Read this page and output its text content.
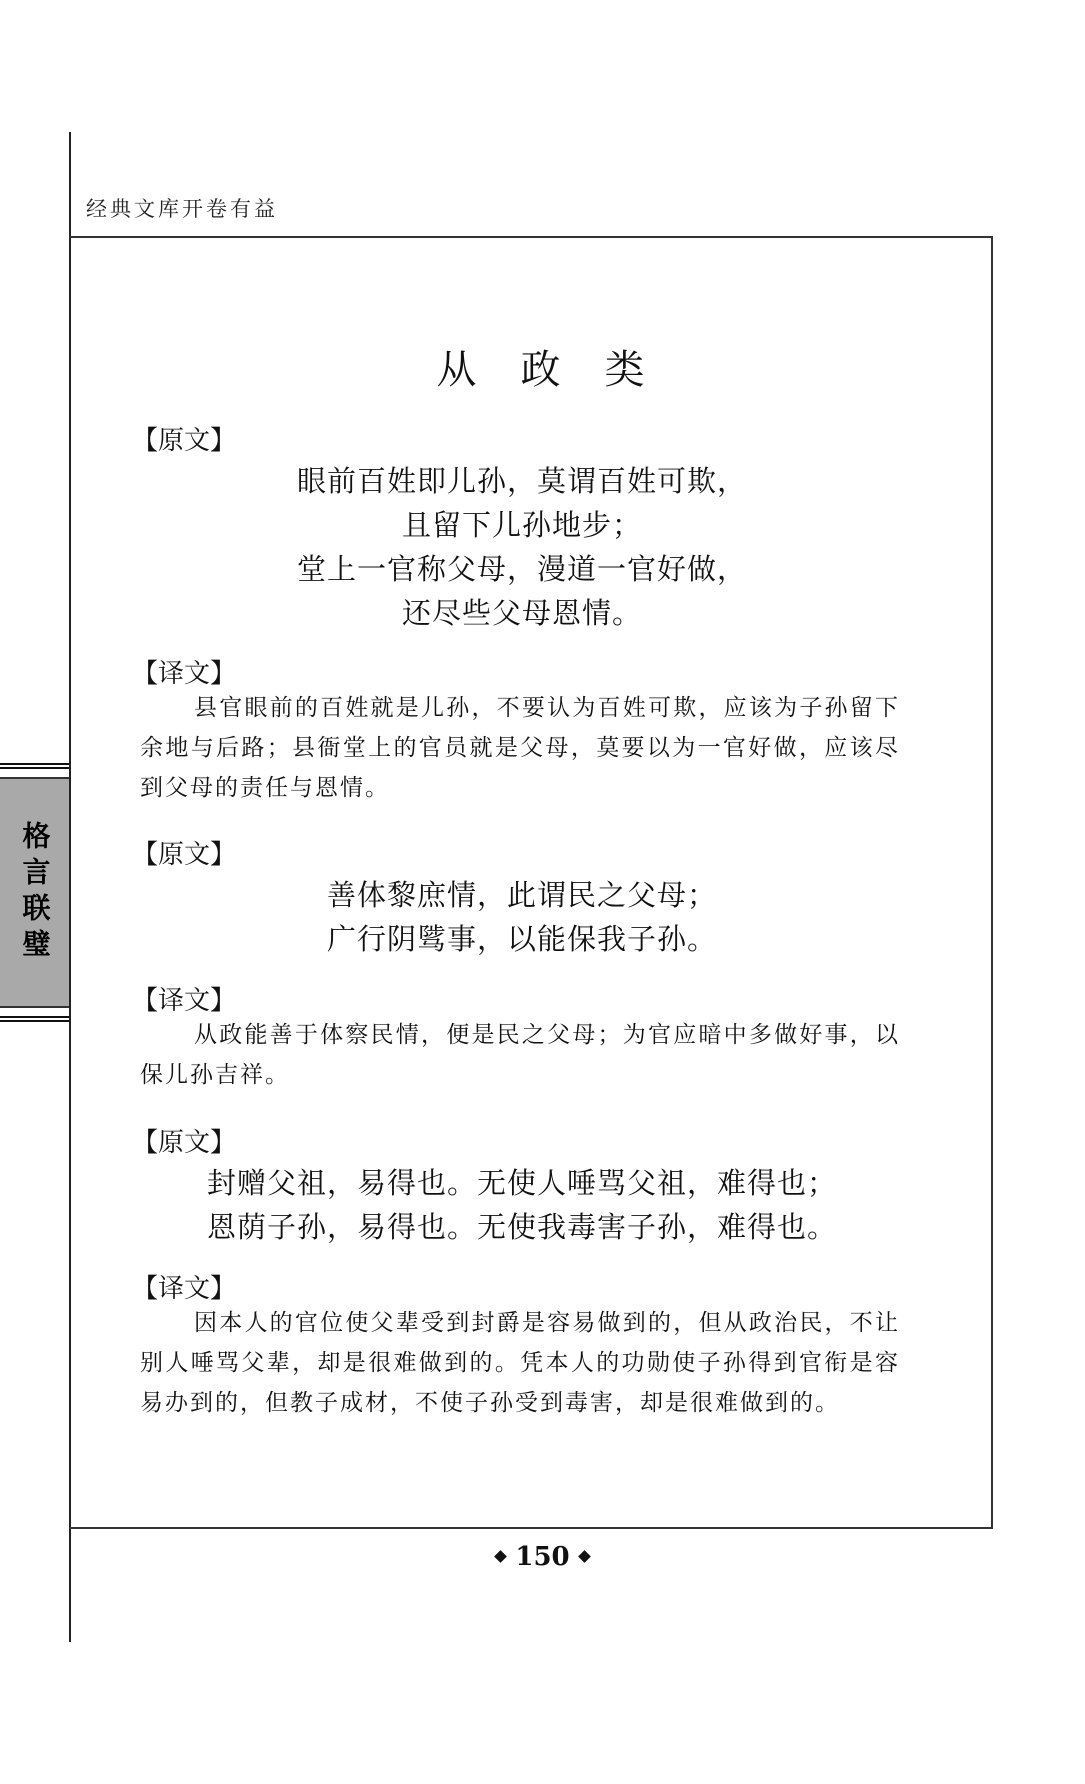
经典文库开卷有益
格言联璧
从政类
【原文】
眼前百姓即儿孙，莫谓百姓可欺，
且留下儿孙地步；
堂上一官称父母，漫道一官好做，
还尽些父母恩情。
【译文】
县官眼前的百姓就是儿孙，不要认为百姓可欺，应该为子孙留下余地与后路；县衙堂上的官员就是父母，莫要以为一官好做，应该尽到父母的责任与恩情。
【原文】
善体黎庶情，此谓民之父母；
广行阴骘事，以能保我子孙。
【译文】
从政能善于体察民情，便是民之父母；为官应暗中多做好事，以保儿孙吉祥。
【原文】
封赠父祖，易得也。无使人唾骂父祖，难得也；
恩荫子孙，易得也。无使我毒害子孙，难得也。
【译文】
因本人的官位使父辈受到封爵是容易做到的，但从政治民，不让别人唾骂父辈，却是很难做到的。凭本人的功勋使子孙得到官衔是容易办到的，但教子成材，不使子孙受到毒害，却是很难做到的。
150
